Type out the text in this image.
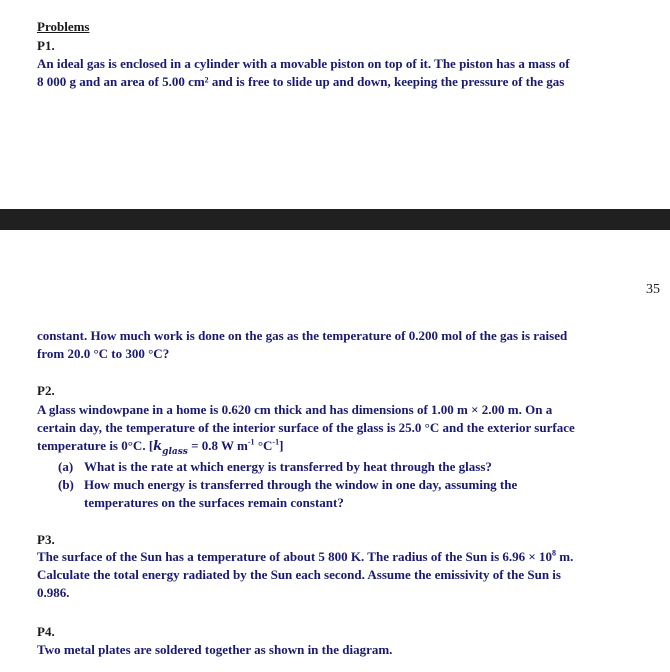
Problems
P1.
An ideal gas is enclosed in a cylinder with a movable piston on top of it. The piston has a mass of
8 000 g and an area of 5.00 cm² and is free to slide up and down, keeping the pressure of the gas
35
constant. How much work is done on the gas as the temperature of 0.200 mol of the gas is raised
from 20.0 °C to 300 °C?
P2.
A glass windowpane in a home is 0.620 cm thick and has dimensions of 1.00 m × 2.00 m. On a
certain day, the temperature of the interior surface of the glass is 25.0 °C and the exterior surface
temperature is 0°C. [$k_{glass} = 0.8$ W $m^{-1}$ $^\circ C^{-1}$]
(a) What is the rate at which energy is transferred by heat through the glass?
(b) How much energy is transferred through the window in one day, assuming the
temperatures on the surfaces remain constant?
P3.
The surface of the Sun has a temperature of about 5 800 K. The radius of the Sun is $6.96 \times 10^8$ m.
Calculate the total energy radiated by the Sun each second. Assume the emissivity of the Sun is
0.986.
P4.
Two metal plates are soldered together as shown in the diagram.
